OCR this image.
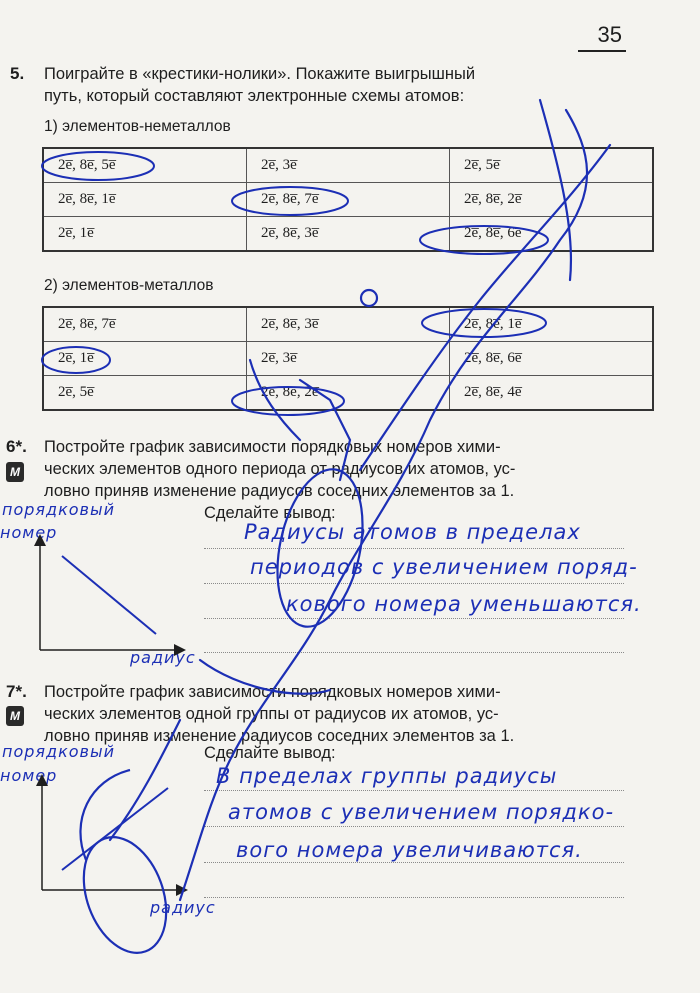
35
5. Поиграйте в «крестики-нолики». Покажите выигрышный
путь, который составляют электронные схемы атомов:
1) элементов-неметаллов
2e̅, 8e̅, 5e̅	2e̅, 3e̅	2e̅, 5e̅
2e̅, 8e̅, 1e̅	2e̅, 8e̅, 7e̅	2e̅, 8e̅, 2e̅
2e̅, 1e̅	2e̅, 8e̅, 3e̅	2e̅, 8e̅, 6e̅
2) элементов-металлов
2e̅, 8e̅, 7e̅	2e̅, 8e̅, 3e̅	2e̅, 8e̅, 1e̅
2e̅, 1e̅	2e̅, 3e̅	2e̅, 8e̅, 6e̅
2e̅, 5e̅	2e̅, 8e̅, 2e̅	2e̅, 8e̅, 4e̅
6*.
M
Постройте график зависимости порядковых номеров хими-
ческих элементов одного периода от радиусов их атомов, ус-
ловно приняв изменение радиусов соседних элементов за 1.
Сделайте вывод:
Радиусы атомов в пределах
периодов с увеличением поряд-
кового номера уменьшаются.
порядковый
номер
радиус
7*.
M
Постройте график зависимости порядковых номеров хими-
ческих элементов одной группы от радиусов их атомов, ус-
ловно приняв изменение радиусов соседних элементов за 1.
Сделайте вывод:
В пределах группы радиусы
атомов с увеличением порядко-
вого номера увеличиваются.
порядковый
номер
радиус
